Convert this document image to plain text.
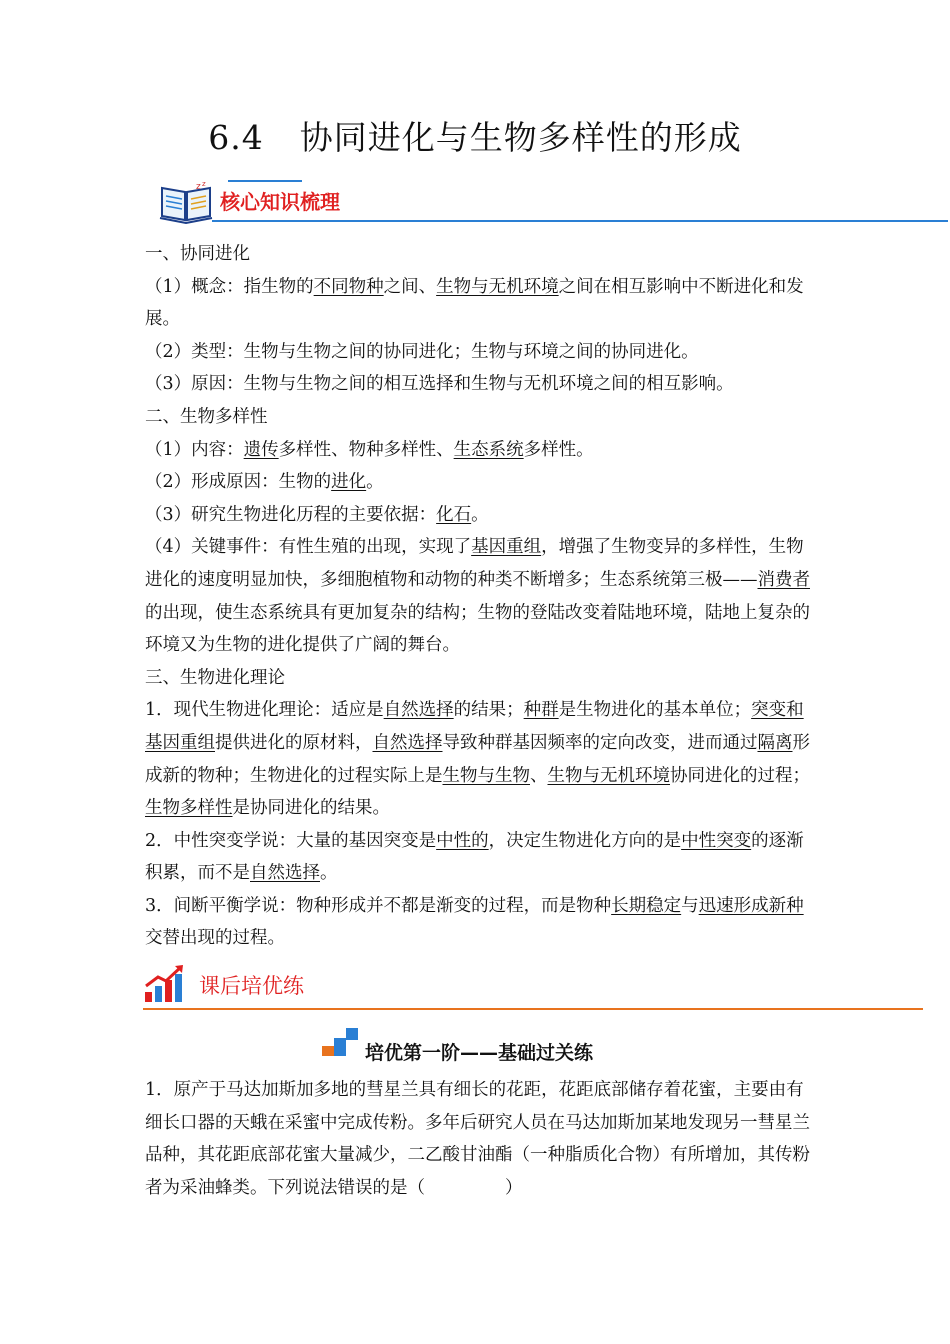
6.4 协同进化与生物多样性的形成
z z
核心知识梳理

一、协同进化

（1）概念：指生物的不同物种之间、生物与无机环境之间在相互影响中不断进化和发展。

（2）类型：生物与生物之间的协同进化；生物与环境之间的协同进化。

（3）原因：生物与生物之间的相互选择和生物与无机环境之间的相互影响。

二、生物多样性

（1）内容：遗传多样性、物种多样性、生态系统多样性。

（2）形成原因：生物的进化。

（3）研究生物进化历程的主要依据：化石。

（4）关键事件：有性生殖的出现，实现了基因重组，增强了生物变异的多样性，生物进化的速度明显加快，多细胞植物和动物的种类不断增多；生态系统第三极——消费者的出现，使生态系统具有更加复杂的结构；生物的登陆改变着陆地环境，陆地上复杂的环境又为生物的进化提供了广阔的舞台。

三、生物进化理论

1．现代生物进化理论：适应是自然选择的结果；种群是生物进化的基本单位；突变和基因重组提供进化的原材料，自然选择导致种群基因频率的定向改变，进而通过隔离形成新的物种；生物进化的过程实际上是生物与生物、生物与无机环境协同进化的过程；生物多样性是协同进化的结果。

2．中性突变学说：大量的基因突变是中性的，决定生物进化方向的是中性突变的逐渐积累，而不是自然选择。

3．间断平衡学说：物种形成并不都是渐变的过程，而是物种长期稳定与迅速形成新种交替出现的过程。

课后培优练
培优第一阶——基础过关练

1．原产于马达加斯加多地的彗星兰具有细长的花距，花距底部储存着花蜜，主要由有细长口器的天蛾在采蜜中完成传粉。多年后研究人员在马达加斯加某地发现另一彗星兰品种，其花距底部花蜜大量减少，二乙酸甘油酯（一种脂质化合物）有所增加，其传粉者为采油蜂类。下列说法错误的是（	）
